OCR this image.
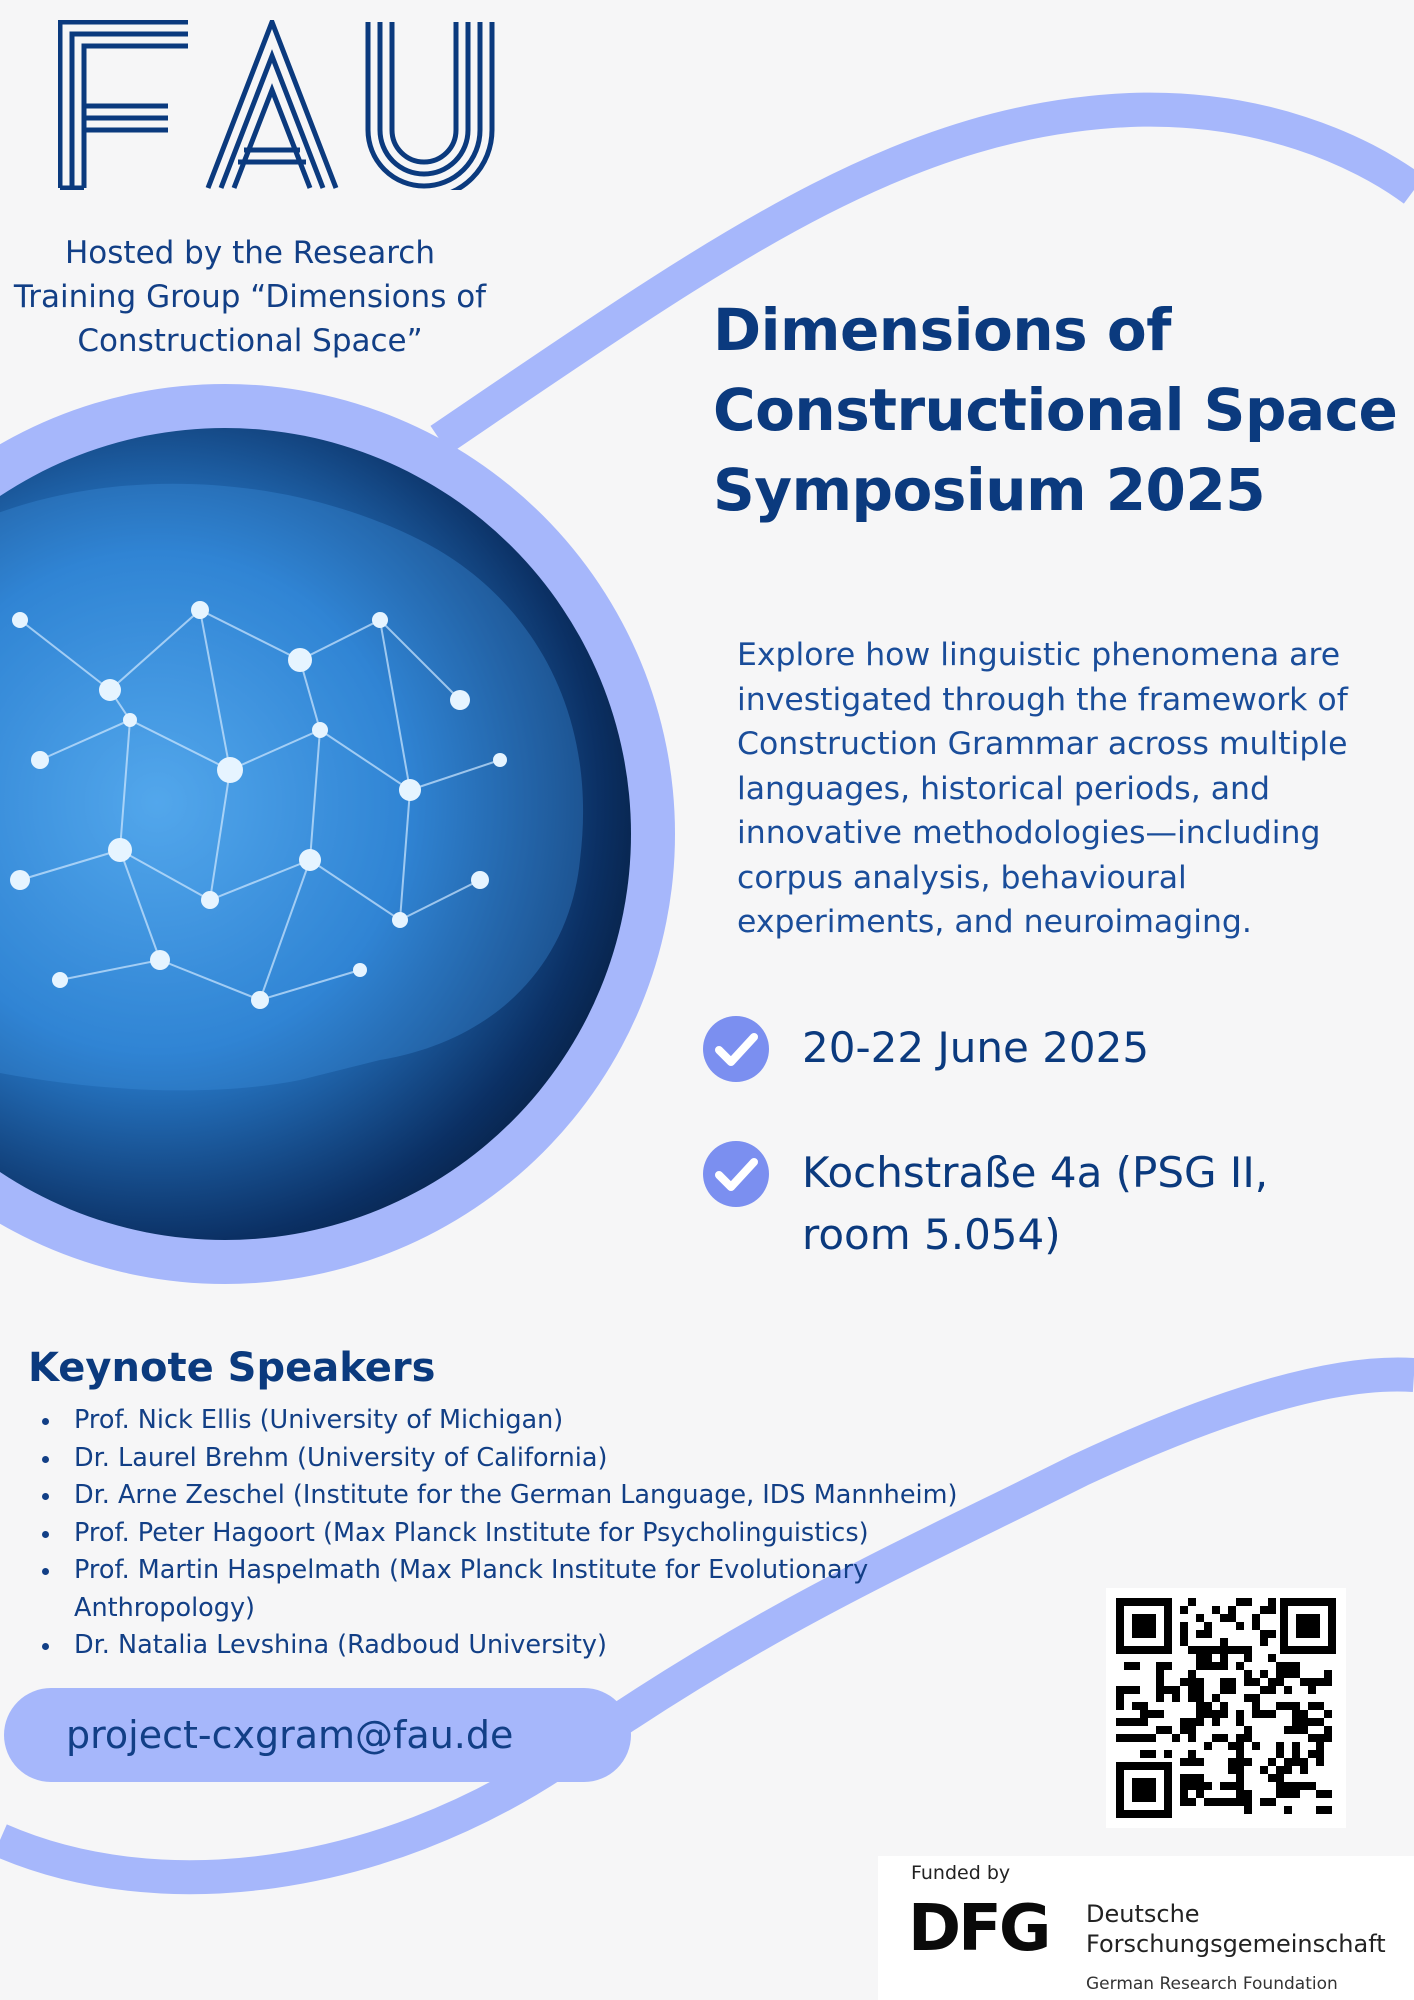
Hosted by the Research Training Group “Dimensions of Constructional Space”	Dimensions of
Constructional Space
Symposium 2025
Explore how linguistic phenomena are investigated through the framework of Construction Grammar across multiple languages, historical periods, and innovative methodologies—including corpus analysis, behavioural experiments, and neuroimaging.
20-22 June 2025
Kochstraße 4a (PSG II, room 5.054)
Keynote Speakers
Prof. Nick Ellis (University of Michigan)
Dr. Laurel Brehm (University of California)
Dr. Arne Zeschel (Institute for the German Language, IDS Mannheim)
Prof. Peter Hagoort (Max Planck Institute for Psycholinguistics)
Prof. Martin Haspelmath (Max Planck Institute for Evolutionary Anthropology)
Dr. Natalia Levshina (Radboud University)
project-cxgram@fau.de
Funded by
DFG Deutsche
Forschungsgemeinschaft
German Research Foundation
